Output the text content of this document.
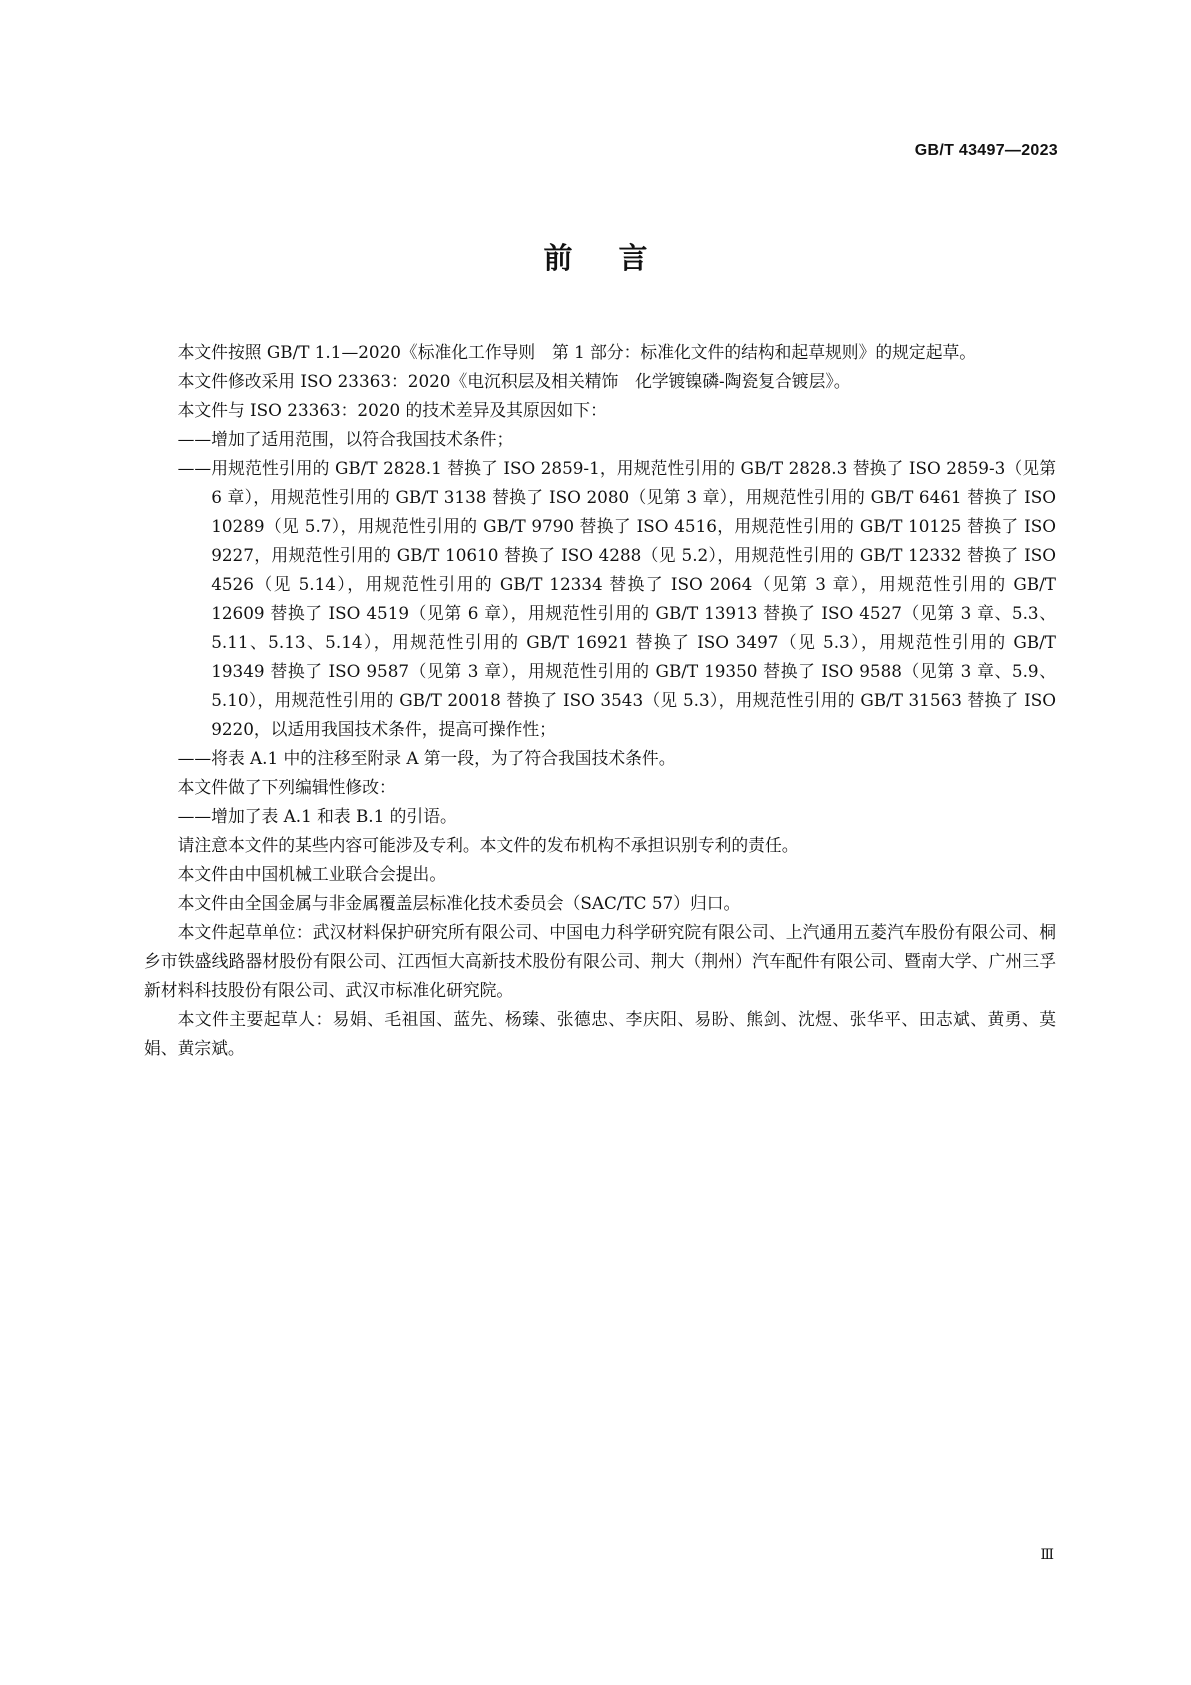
GB/T 43497—2023
前言

本文件按照 GB/T 1.1—2020《标准化工作导则　第 1 部分：标准化文件的结构和起草规则》的规定起草。

本文件修改采用 ISO 23363：2020《电沉积层及相关精饰　化学镀镍磷-陶瓷复合镀层》。

本文件与 ISO 23363：2020 的技术差异及其原因如下：

——增加了适用范围，以符合我国技术条件；

——用规范性引用的 GB/T 2828.1 替换了 ISO 2859-1，用规范性引用的 GB/T 2828.3 替换了 ISO 2859-3（见第 6 章），用规范性引用的 GB/T 3138 替换了 ISO 2080（见第 3 章），用规范性引用的 GB/T 6461 替换了 ISO 10289（见 5.7），用规范性引用的 GB/T 9790 替换了 ISO 4516，用规范性引用的 GB/T 10125 替换了 ISO 9227，用规范性引用的 GB/T 10610 替换了 ISO 4288（见 5.2），用规范性引用的 GB/T 12332 替换了 ISO 4526（见 5.14），用规范性引用的 GB/T 12334 替换了 ISO 2064（见第 3 章），用规范性引用的 GB/T 12609 替换了 ISO 4519（见第 6 章），用规范性引用的 GB/T 13913 替换了 ISO 4527（见第 3 章、5.3、5.11、5.13、5.14），用规范性引用的 GB/T 16921 替换了 ISO 3497（见 5.3），用规范性引用的 GB/T 19349 替换了 ISO 9587（见第 3 章），用规范性引用的 GB/T 19350 替换了 ISO 9588（见第 3 章、5.9、5.10），用规范性引用的 GB/T 20018 替换了 ISO 3543（见 5.3），用规范性引用的 GB/T 31563 替换了 ISO 9220，以适用我国技术条件，提高可操作性；

——将表 A.1 中的注移至附录 A 第一段，为了符合我国技术条件。

本文件做了下列编辑性修改：

——增加了表 A.1 和表 B.1 的引语。

请注意本文件的某些内容可能涉及专利。本文件的发布机构不承担识别专利的责任。

本文件由中国机械工业联合会提出。

本文件由全国金属与非金属覆盖层标准化技术委员会（SAC/TC 57）归口。

本文件起草单位：武汉材料保护研究所有限公司、中国电力科学研究院有限公司、上汽通用五菱汽车股份有限公司、桐乡市铁盛线路器材股份有限公司、江西恒大高新技术股份有限公司、荆大（荆州）汽车配件有限公司、暨南大学、广州三孚新材料科技股份有限公司、武汉市标准化研究院。

本文件主要起草人：易娟、毛祖国、蓝先、杨臻、张德忠、李庆阳、易盼、熊剑、沈煜、张华平、田志斌、黄勇、莫娟、黄宗斌。

Ⅲ
